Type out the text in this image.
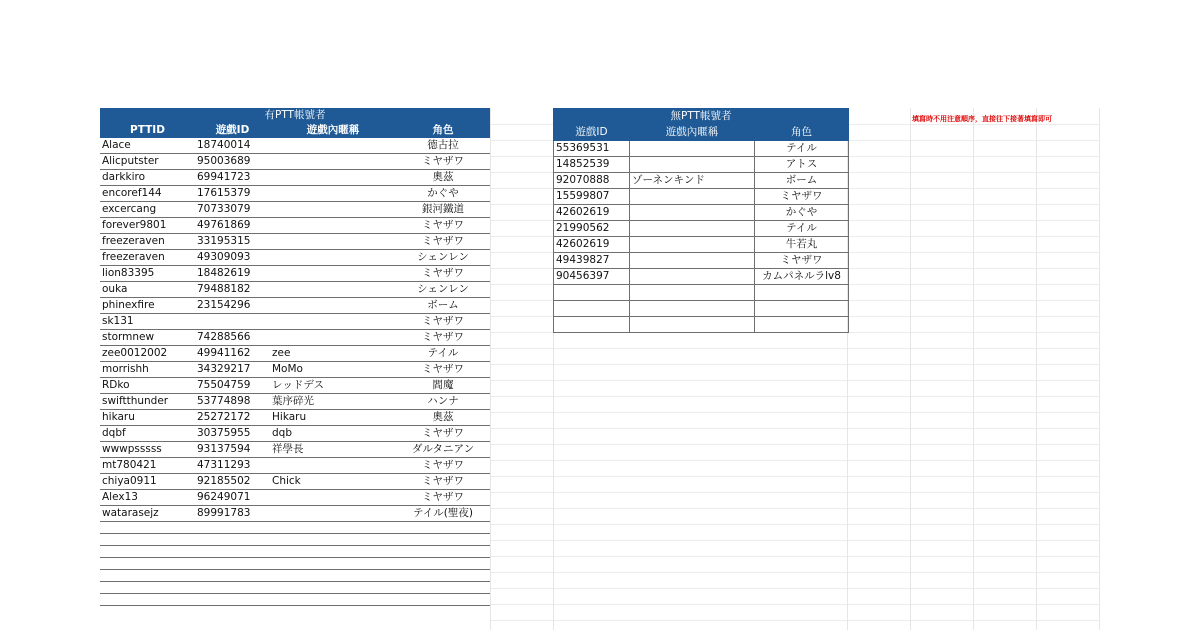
有PTT帳號者			
PTTID	遊戲ID	遊戲內暱稱	角色
Alace	18740014		德古拉
Alicputster	95003689		ミヤザワ
darkkiro	69941723		奧茲
encoref144	17615379		かぐや
excercang	70733079		銀河鐵道
forever9801	49761869		ミヤザワ
freezeraven	33195315		ミヤザワ
freezeraven	49309093		シェンレン
lion83395	18482619		ミヤザワ
ouka	79488182		シェンレン
phinexfire	23154296		ボーム
sk131			ミヤザワ
stormnew	74288566		ミヤザワ
zee0012002	49941162	zee	テイル
morrishh	34329217	MoMo	ミヤザワ
RDko	75504759	レッドデス	閻魔
swiftthunder	53774898	葉序碎光	ハンナ
hikaru	25272172	Hikaru	奧茲
dqbf	30375955	dqb	ミヤザワ
wwwpsssss	93137594	祥學長	ダルタニアン
mt780421	47311293		ミヤザワ
chiya0911	92185502	Chick	ミヤザワ
Alex13	96249071		ミヤザワ
watarasejz	89991783		テイル(聖夜)

無PTT帳號者		
遊戲ID	遊戲內暱稱	角色
55369531		テイル
14852539		アトス
92070888	ゾーネンキンド	ボーム
15599807		ミヤザワ
42602619		かぐや
21990562		テイル
42602619		牛若丸
49439827		ミヤザワ
90456397		カムパネルラlv8

填寫時不用注意順序，直接往下接著填寫即可
